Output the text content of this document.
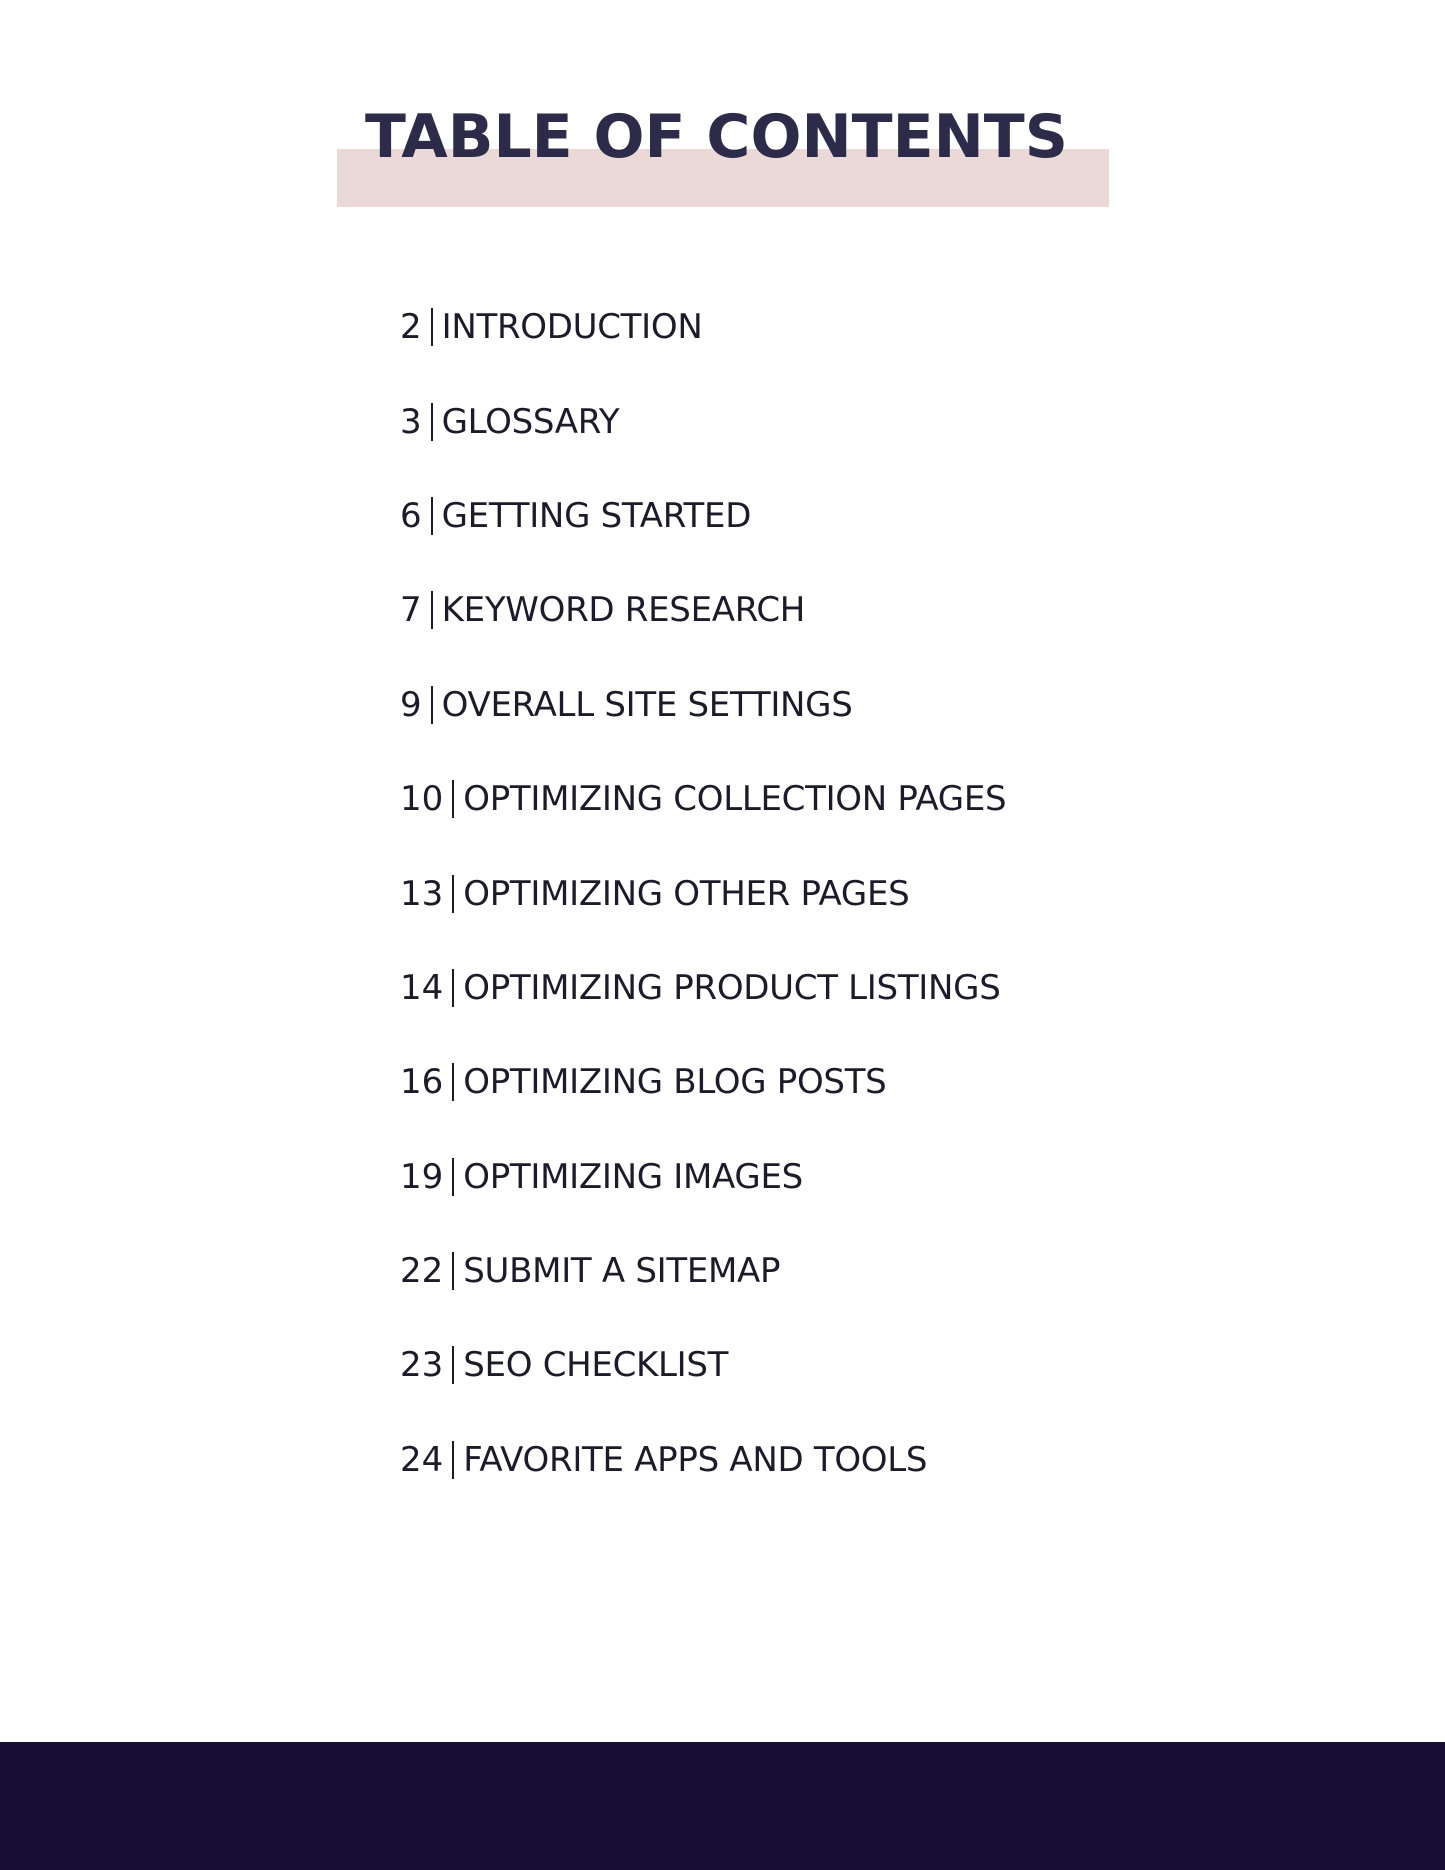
TABLE OF CONTENTS
2 INTRODUCTION
3 GLOSSARY
6 GETTING STARTED
7 KEYWORD RESEARCH
9 OVERALL SITE SETTINGS
10 OPTIMIZING COLLECTION PAGES
13 OPTIMIZING OTHER PAGES
14 OPTIMIZING PRODUCT LISTINGS
16 OPTIMIZING BLOG POSTS
19 OPTIMIZING IMAGES
22 SUBMIT A SITEMAP
23 SEO CHECKLIST
24 FAVORITE APPS AND TOOLS
